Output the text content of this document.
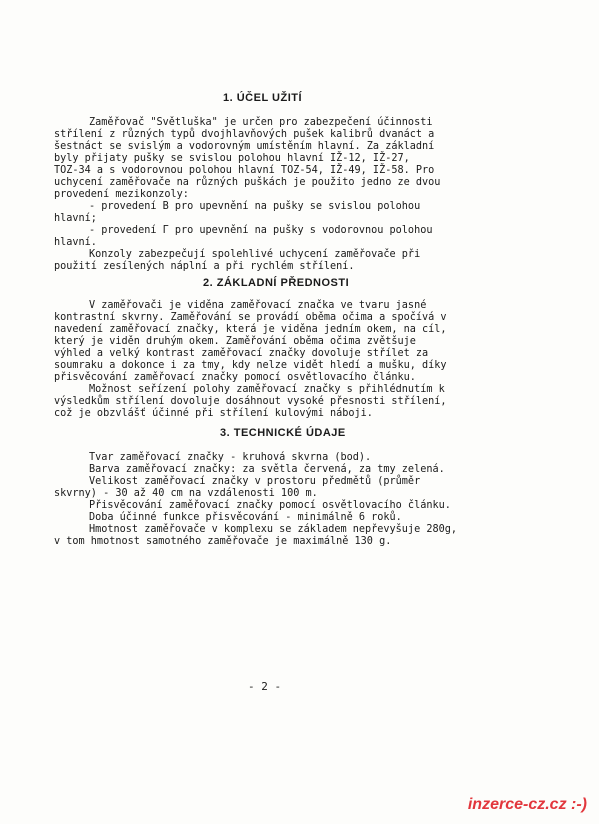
1. ÚČEL UŽITÍ
Zaměřovač "Světluška" je určen pro zabezpečení účinnosti
střílení z různých typů dvojhlavňových pušek kalibrů dvanáct a
šestnáct se svislým a vodorovným umístěním hlavní. Za základní
byly přijaty pušky se svislou polohou hlavní IŽ-12, IŽ-27,
TOZ-34 a s vodorovnou polohou hlavní TOZ-54, IŽ-49, IŽ-58. Pro
uchycení zaměřovače na různých puškách je použito jedno ze dvou
provedení mezikonzoly:
- provedení B pro upevnění na pušky se svislou polohou
hlavní;
- provedení Γ pro upevnění na pušky s vodorovnou polohou
hlavní.
Konzoly zabezpečují spolehlivé uchycení zaměřovače při
použití zesílených náplní a při rychlém střílení.
2. ZÁKLADNÍ PŘEDNOSTI
V zaměřovači je viděna zaměřovací značka ve tvaru jasné
kontrastní skvrny. Zaměřování se provádí oběma očima a spočívá v
navedení zaměřovací značky, která je viděna jedním okem, na cíl,
který je viděn druhým okem. Zaměřování oběma očima zvětšuje
výhled a velký kontrast zaměřovací značky dovoluje střílet za
soumraku a dokonce i za tmy, kdy nelze vidět hledí a mušku, díky
přisvěcování zaměřovací značky pomocí osvětlovacího článku.
Možnost seřízení polohy zaměřovací značky s přihlédnutím k
výsledkům střílení dovoluje dosáhnout vysoké přesnosti střílení,
což je obzvlášť účinné při střílení kulovými náboji.
3. TECHNICKÉ ÚDAJE
Tvar zaměřovací značky - kruhová skvrna (bod).
Barva zaměřovací značky: za světla červená, za tmy zelená.
Velikost zaměřovací značky v prostoru předmětů (průměr
skvrny) - 30 až 40 cm na vzdálenosti 100 m.
Přisvěcování zaměřovací značky pomocí osvětlovacího článku.
Doba účinné funkce přisvěcování - minimálně 6 roků.
Hmotnost zaměřovače v komplexu se základem nepřevyšuje 280g,
v tom hmotnost samotného zaměřovače je maximálně 130 g.
- 2 -
inzerce-cz.cz :-)
